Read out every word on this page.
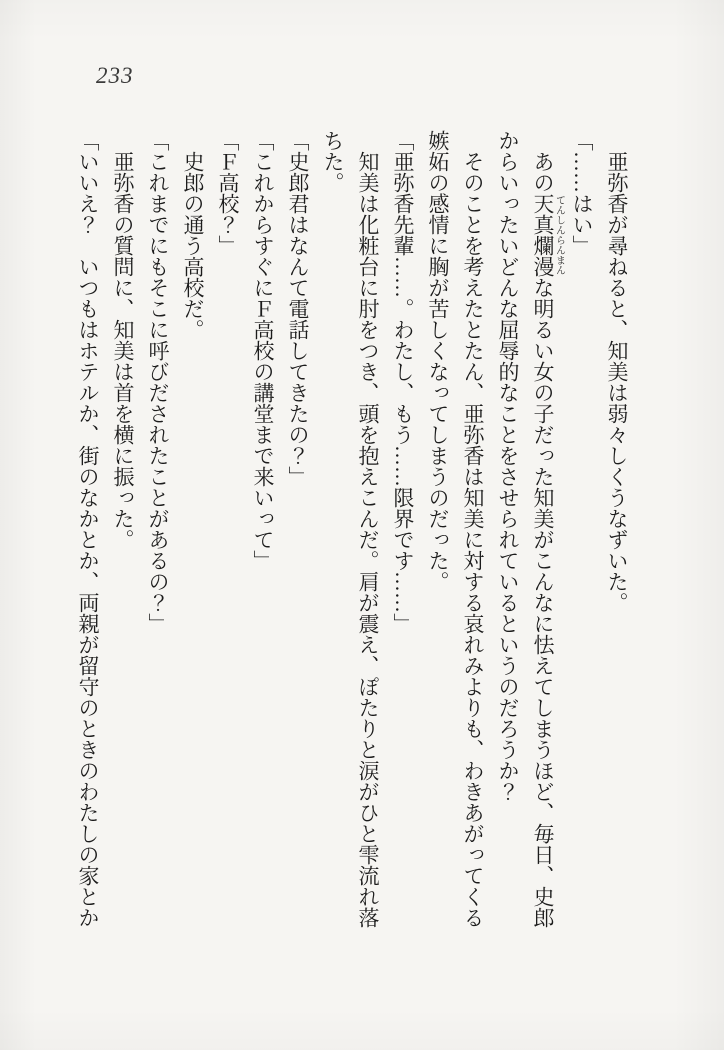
233
亜弥香が尋ねると、知美は弱々しくうなずいた。
「……はい」
あの天真爛漫てんしんらんまんな明るい女の子だった知美がこんなに怯えてしまうほど、毎日、史郎
からいったいどんな屈辱的なことをさせられているというのだろうか？
そのことを考えたとたん、亜弥香は知美に対する哀れみよりも、わきあがってくる
嫉妬の感情に胸が苦しくなってしまうのだった。
「亜弥香先輩……。わたし、もう……限界です……」
知美は化粧台に肘をつき、頭を抱えこんだ。肩が震え、ぽたりと涙がひと雫流れ落
ちた。
「史郎君はなんて電話してきたの？」
「これからすぐにＦ高校の講堂まで来いって」
「Ｆ高校？」
史郎の通う高校だ。
「これまでにもそこに呼びだされたことがあるの？」
亜弥香の質問に、知美は首を横に振った。
「いいえ？　いつもはホテルか、街のなかとか、両親が留守のときのわたしの家とか
